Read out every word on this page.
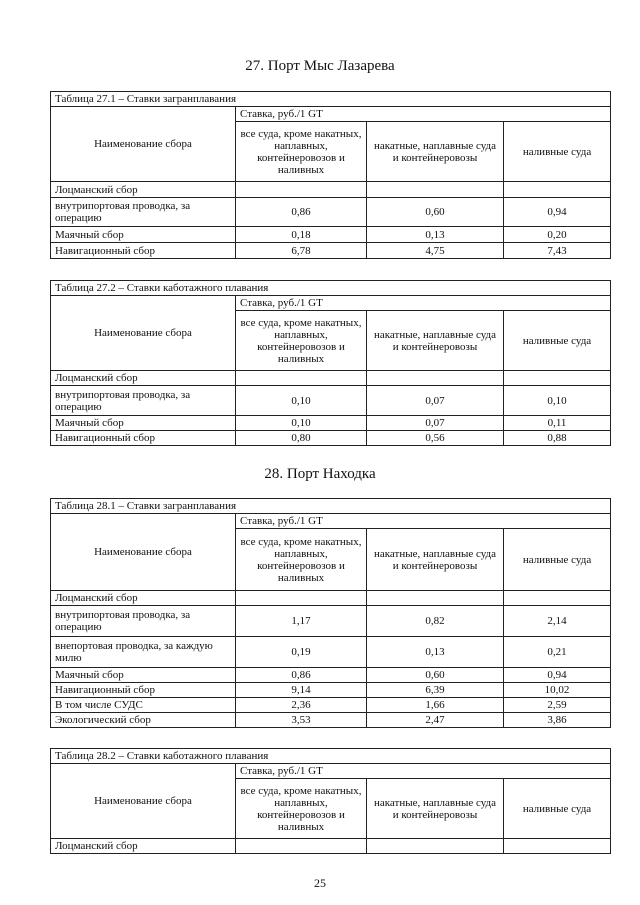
27. Порт Мыс Лазарева
Таблица 27.1 – Ставки загранплавания			
Наименование сбора	Ставка, руб./1 GT		
	все суда, кроме накатных, наплавных, контейнеровозов и наливных	накатные, наплавные суда и контейнеровозы	наливные суда
Лоцманский сбор			
внутрипортовая проводка, за операцию	0,86	0,60	0,94
Маячный сбор	0,18	0,13	0,20
Навигационный сбор	6,78	4,75	7,43
Таблица 27.2 – Ставки каботажного плавания			
Наименование сбора	Ставка, руб./1 GT		
	все суда, кроме накатных, наплавных, контейнеровозов и наливных	накатные, наплавные суда и контейнеровозы	наливные суда
Лоцманский сбор			
внутрипортовая проводка, за операцию	0,10	0,07	0,10
Маячный сбор	0,10	0,07	0,11
Навигационный сбор	0,80	0,56	0,88
28. Порт Находка
Таблица 28.1 – Ставки загранплавания			
Наименование сбора	Ставка, руб./1 GT		
	все суда, кроме накатных, наплавных, контейнеровозов и наливных	накатные, наплавные суда и контейнеровозы	наливные суда
Лоцманский сбор			
внутрипортовая проводка, за операцию	1,17	0,82	2,14
внепортовая проводка, за каждую милю	0,19	0,13	0,21
Маячный сбор	0,86	0,60	0,94
Навигационный сбор	9,14	6,39	10,02
В том числе СУДС	2,36	1,66	2,59
Экологический сбор	3,53	2,47	3,86
Таблица 28.2 – Ставки каботажного плавания			
Наименование сбора	Ставка, руб./1 GT		
	все суда, кроме накатных, наплавных, контейнеровозов и наливных	накатные, наплавные суда и контейнеровозы	наливные суда
Лоцманский сбор			
25
